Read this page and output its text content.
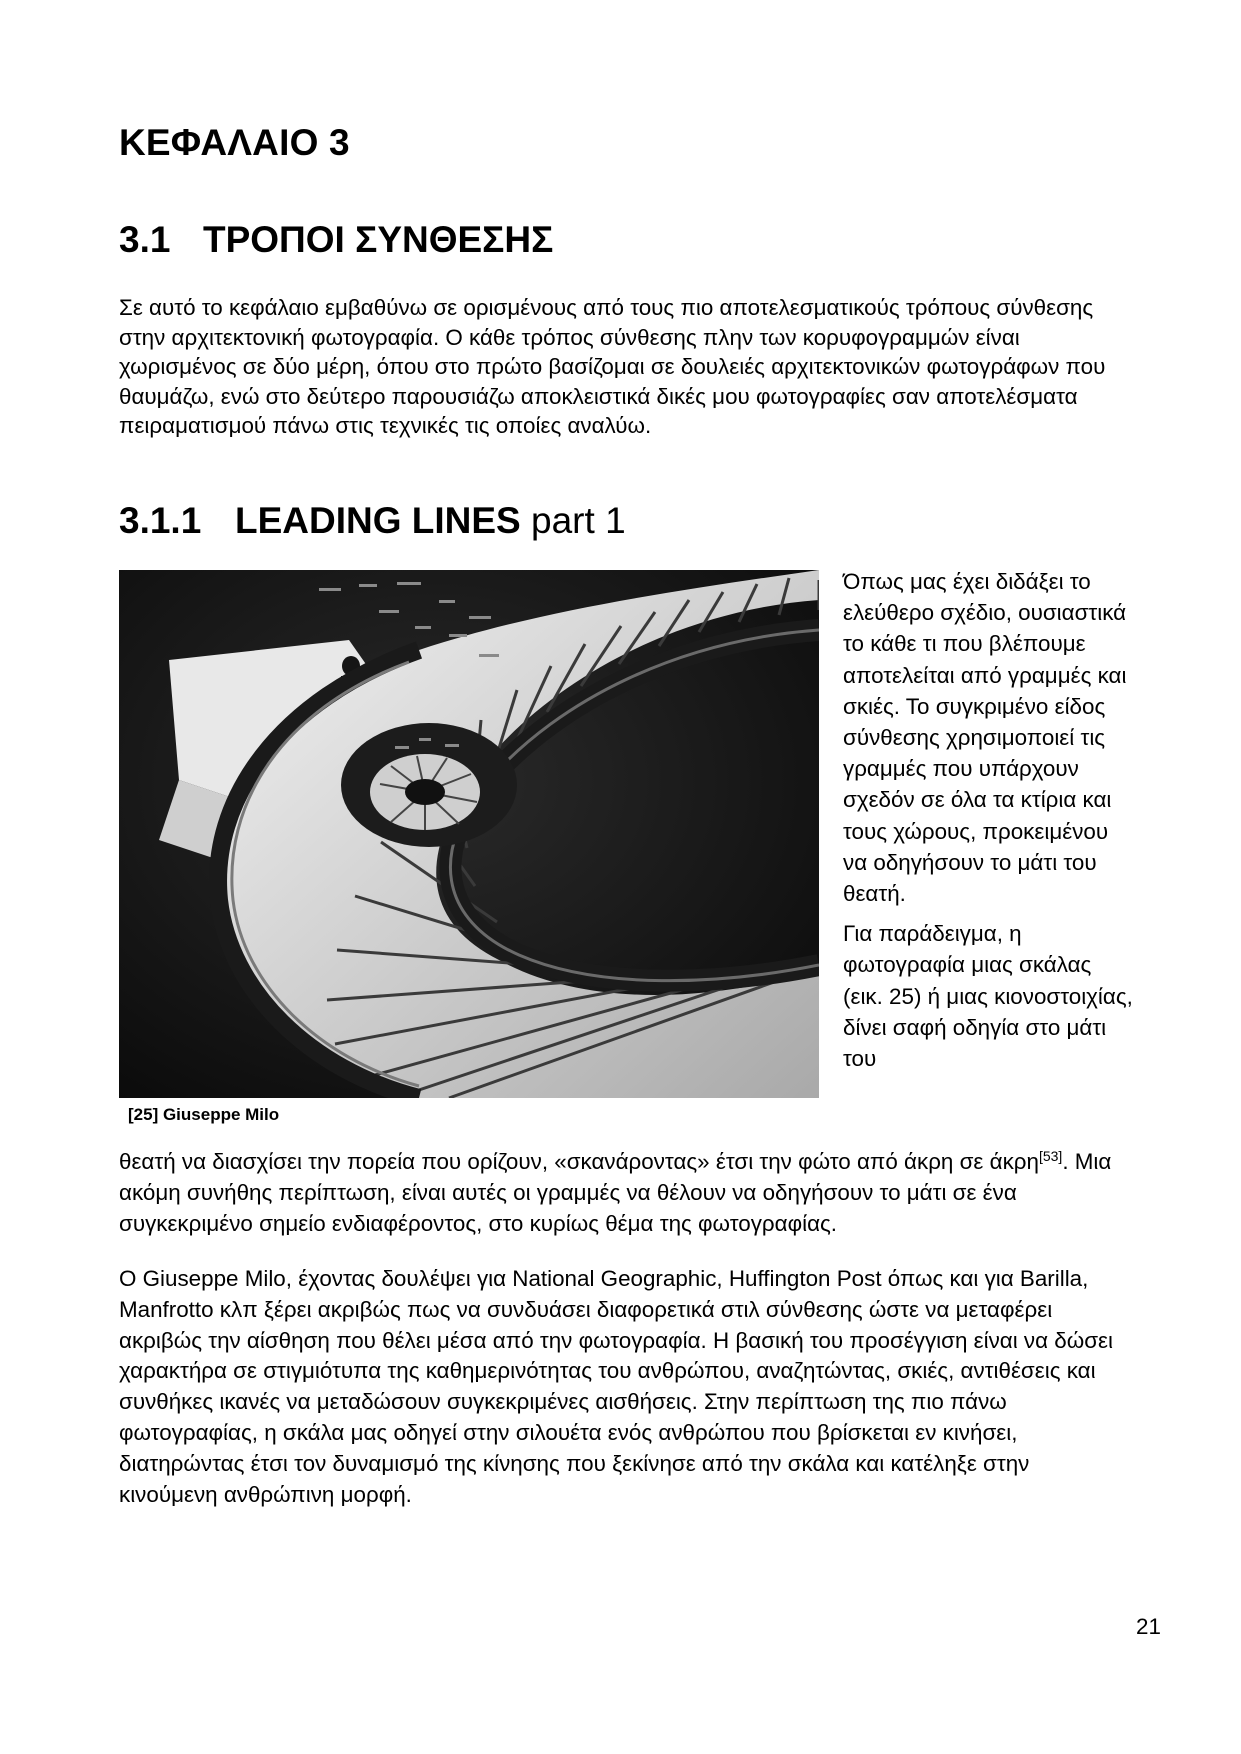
ΚΕΦΑΛΑΙΟ 3
3.1 ΤΡΟΠΟΙ ΣΥΝΘΕΣΗΣ

Σε αυτό το κεφάλαιο εμβαθύνω σε ορισμένους από τους πιο αποτελεσματικούς τρόπους σύνθεσης στην αρχιτεκτονική φωτογραφία. Ο κάθε τρόπος σύνθεσης πλην των κορυφογραμμών είναι χωρισμένος σε δύο μέρη, όπου στο πρώτο βασίζομαι σε δουλειές αρχιτεκτονικών φωτογράφων που θαυμάζω, ενώ στο δεύτερο παρουσιάζω αποκλειστικά δικές μου φωτογραφίες σαν αποτελέσματα πειραματισμού πάνω στις τεχνικές τις οποίες αναλύω.

3.1.1 LEADING LINES part 1

[25] Giuseppe Milo

Όπως μας έχει διδάξει το ελεύθερο σχέδιο, ουσιαστικά το κάθε τι που βλέπουμε αποτελείται από γραμμές και σκιές. Το συγκριμένο είδος σύνθεσης χρησιμοποιεί τις γραμμές που υπάρχουν σχεδόν σε όλα τα κτίρια και τους χώρους, προκειμένου να οδηγήσουν το μάτι του θεατή.

Για παράδειγμα, η φωτογραφία μιας σκάλας (εικ. 25) ή μιας κιονοστοιχίας, δίνει σαφή οδηγία στο μάτι του

θεατή να διασχίσει την πορεία που ορίζουν, «σκανάροντας» έτσι την φώτο από άκρη σε άκρη[53]. Μια ακόμη συνήθης περίπτωση, είναι αυτές οι γραμμές να θέλουν να οδηγήσουν το μάτι σε ένα συγκεκριμένο σημείο ενδιαφέροντος, στο κυρίως θέμα της φωτογραφίας.

Ο Giuseppe Milo, έχοντας δουλέψει για National Geographic, Huffington Post όπως και για Barilla, Manfrotto κλπ ξέρει ακριβώς πως να συνδυάσει διαφορετικά στιλ σύνθεσης ώστε να μεταφέρει ακριβώς την αίσθηση που θέλει μέσα από την φωτογραφία. Η βασική του προσέγγιση είναι να δώσει χαρακτήρα σε στιγμιότυπα της καθημερινότητας του ανθρώπου, αναζητώντας, σκιές, αντιθέσεις και συνθήκες ικανές να μεταδώσουν συγκεκριμένες αισθήσεις. Στην περίπτωση της πιο πάνω φωτογραφίας, η σκάλα μας οδηγεί στην σιλουέτα ενός ανθρώπου που βρίσκεται εν κινήσει, διατηρώντας έτσι τον δυναμισμό της κίνησης που ξεκίνησε από την σκάλα και κατέληξε στην κινούμενη ανθρώπινη μορφή.

21
